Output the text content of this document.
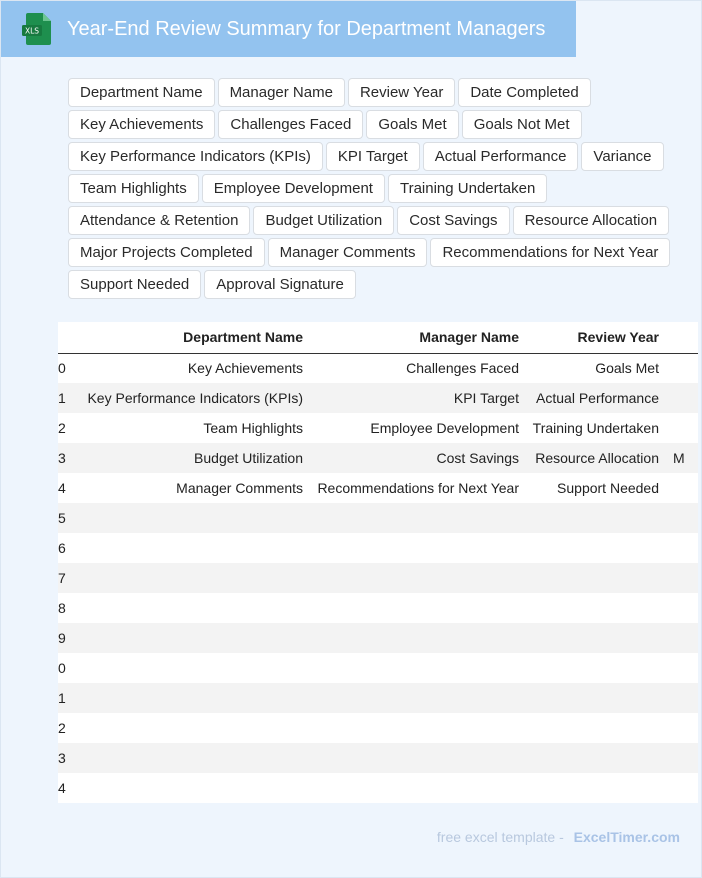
XLS Year-End Review Summary for Department Managers
Department Name	Manager Name	Review Year	Date Completed
Key Achievements	Challenges Faced	Goals Met	Goals Not Met
Key Performance Indicators (KPIs)	KPI Target	Actual Performance	Variance
Team Highlights	Employee Development	Training Undertaken
Attendance & Retention	Budget Utilization	Cost Savings	Resource Allocation
Major Projects Completed	Manager Comments	Recommendations for Next Year
Support Needed	Approval Signature
	Department Name	Manager Name	Review Year	
0	Key Achievements	Challenges Faced	Goals Met	
1	Key Performance Indicators (KPIs)	KPI Target	Actual Performance	
2	Team Highlights	Employee Development	Training Undertaken	
3	Budget Utilization	Cost Savings	Resource Allocation	M
4	Manager Comments	Recommendations for Next Year	Support Needed	
5				
6				
7				
8				
9				
0				
1				
2				
3				
4				
free excel template - ExcelTimer.com
